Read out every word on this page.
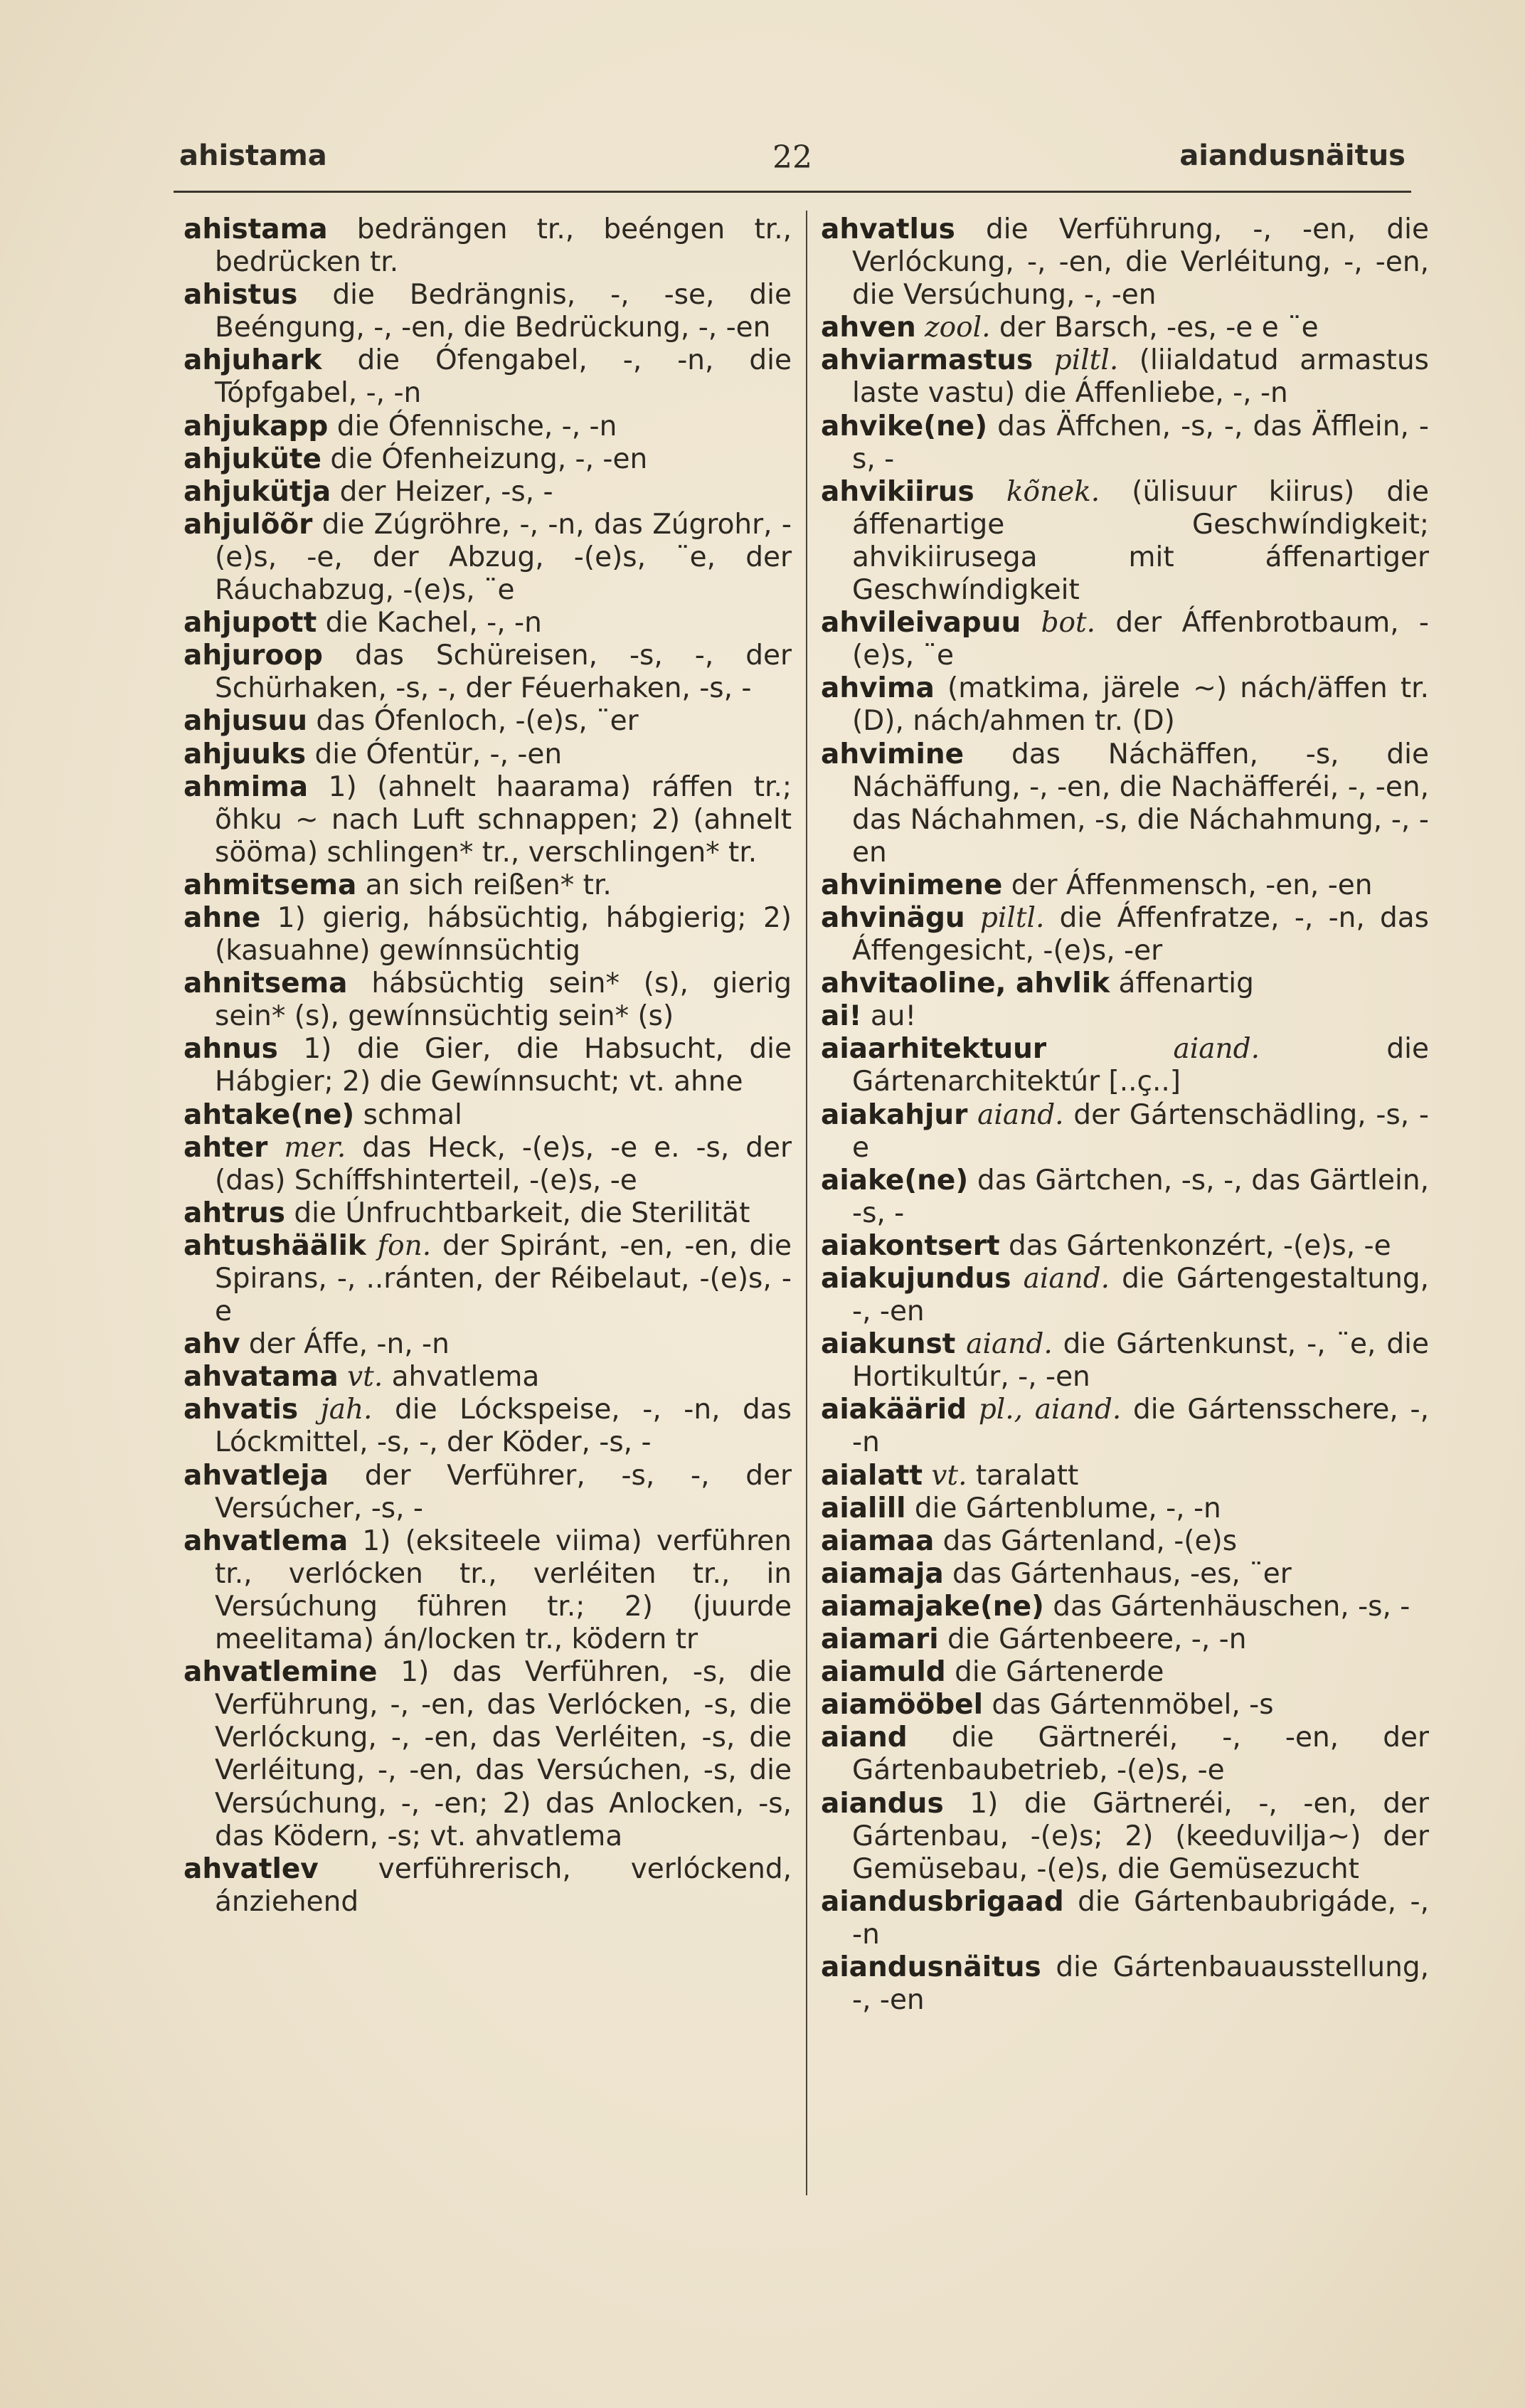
ahistama	22	aiandusnäitus

ahistama bedrängen tr., beéngen tr., bedrücken tr.

ahistus die Bedrängnis, -, -se, die Beéngung, -, -en, die Bedrückung, -, -en

ahjuhark die Ófengabel, -, -n, die Tópfgabel, -, -n

ahjukapp die Ófennische, -, -n

ahjuküte die Ófenheizung, -, -en

ahjukütja der Heizer, -s, -

ahjulõõr die Zúgröhre, -, -n, das Zúgrohr, -(e)s, -e, der Abzug, -(e)s, ¨e, der Ráuchabzug, -(e)s, ¨e

ahjupott die Kachel, -, -n

ahjuroop das Schüreisen, -s, -, der Schürhaken, -s, -, der Féuerhaken, -s, -

ahjusuu das Ófenloch, -(e)s, ¨er

ahjuuks die Ófentür, -, -en

ahmima 1) (ahnelt haarama) ráffen tr.; õhku ~ nach Luft schnappen; 2) (ahnelt sööma) schlingen* tr., verschlingen* tr.

ahmitsema an sich reißen* tr.

ahne 1) gierig, hábsüchtig, hábgierig; 2) (kasuahne) gewínnsüchtig

ahnitsema hábsüchtig sein* (s), gierig sein* (s), gewínnsüchtig sein* (s)

ahnus 1) die Gier, die Habsucht, die Hábgier; 2) die Gewínnsucht; vt. ahne

ahtake(ne) schmal

ahter mer. das Heck, -(e)s, -e e. -s, der (das) Schíffshinterteil, -(e)s, -e

ahtrus die Únfruchtbarkeit, die Sterilität

ahtushäälik fon. der Spiránt, -en, -en, die Spirans, -, ..ránten, der Réibelaut, -(e)s, -e

ahv der Áffe, -n, -n

ahvatama vt. ahvatlema

ahvatis jah. die Lóckspeise, -, -n, das Lóckmittel, -s, -, der Köder, -s, -

ahvatleja der Verführer, -s, -, der Versúcher, -s, -

ahvatlema 1) (eksiteele viima) verführen tr., verlócken tr., verléiten tr., in Versúchung führen tr.; 2) (juurde meelitama) án/locken tr., ködern tr

ahvatlemine 1) das Verführen, -s, die Verführung, -, -en, das Verlócken, -s, die Verlóckung, -, -en, das Verléiten, -s, die Verléitung, -, -en, das Versúchen, -s, die Versúchung, -, -en; 2) das Anlocken, -s, das Ködern, -s; vt. ahvatlema

ahvatlev verführerisch, verlóckend, ánziehend

ahvatlus die Verführung, -, -en, die Verlóckung, -, -en, die Verléitung, -, -en, die Versúchung, -, -en

ahven zool. der Barsch, -es, -e e ¨e

ahviarmastus piltl. (liialdatud armastus laste vastu) die Áffenliebe, -, -n

ahvike(ne) das Äffchen, -s, -, das Äfflein, -s, -

ahvikiirus kõnek. (ülisuur kiirus) die áffenartige Geschwíndigkeit; ahvikiirusega mit áffenartiger Geschwíndigkeit

ahvileivapuu bot. der Áffenbrotbaum, -(e)s, ¨e

ahvima (matkima, järele ~) nách/äffen tr. (D), nách/ahmen tr. (D)

ahvimine das Náchäffen, -s, die Náchäffung, -, -en, die Nachäfferéi, -, -en, das Náchahmen, -s, die Náchahmung, -, -en

ahvinimene der Áffenmensch, -en, -en

ahvinägu piltl. die Áffenfratze, -, -n, das Áffengesicht, -(e)s, -er

ahvitaoline, ahvlik áffenartig

ai! au!

aiaarhitektuur aiand. die Gártenarchitektúr [..ç..]

aiakahjur aiand. der Gártenschädling, -s, -e

aiake(ne) das Gärtchen, -s, -, das Gärtlein, -s, -

aiakontsert das Gártenkonzért, -(e)s, -e

aiakujundus aiand. die Gártengestaltung, -, -en

aiakunst aiand. die Gártenkunst, -, ¨e, die Hortikultúr, -, -en

aiakäärid pl., aiand. die Gártensschere, -, -n

aialatt vt. taralatt

aialill die Gártenblume, -, -n

aiamaa das Gártenland, -(e)s

aiamaja das Gártenhaus, -es, ¨er

aiamajake(ne) das Gártenhäuschen, -s, -

aiamari die Gártenbeere, -, -n

aiamuld die Gártenerde

aiamööbel das Gártenmöbel, -s

aiand die Gärtneréi, -, -en, der Gártenbaubetrieb, -(e)s, -e

aiandus 1) die Gärtneréi, -, -en, der Gártenbau, -(e)s; 2) (keeduvilja~) der Gemüsebau, -(e)s, die Gemüsezucht

aiandusbrigaad die Gártenbaubrigáde, -, -n

aiandusnäitus die Gártenbauausstellung, -, -en
